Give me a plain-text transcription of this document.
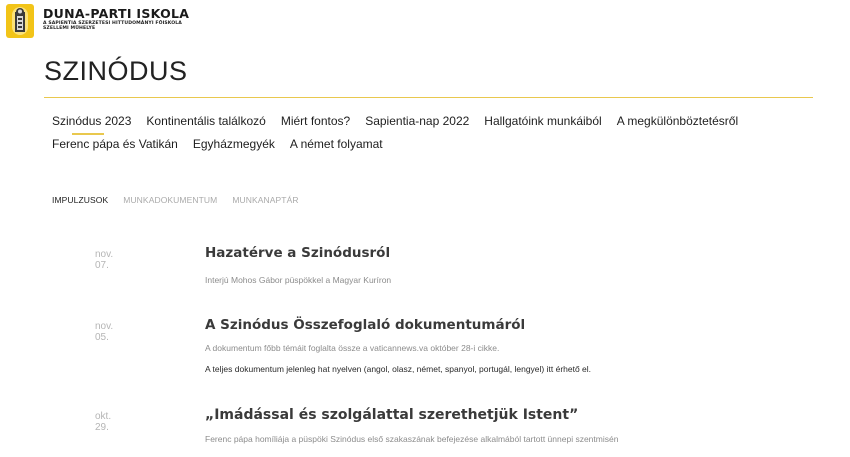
DUNA-PARTI ISKOLA
A SAPIENTIA SZERZETESI HITTUDOMÁNYI FŐISKOLA
SZELLEMI MŰHELYE
SZINÓDUS
Szinódus 2023 Kontinentális találkozó Miért fontos? Sapientia-nap 2022 Hallgatóink munkáiból A megkülönböztetésről
Ferenc pápa és Vatikán Egyházmegyék A német folyamat
IMPULZUSOK MUNKADOKUMENTUM MUNKANAPTÁR
nov.
07.
Hazatérve a Szinódusról
Interjú Mohos Gábor püspökkel a Magyar Kuríron
nov.
05.
A Szinódus Összefoglaló dokumentumáról
A dokumentum főbb témáit foglalta össze a vaticannews.va október 28-i cikke.
A teljes dokumentum jelenleg hat nyelven (angol, olasz, német, spanyol, portugál, lengyel) itt érhető el.
okt.
29.
„Imádással és szolgálattal szerethetjük Istent”
Ferenc pápa homíliája a püspöki Szinódus első szakaszának befejezése alkalmából tartott ünnepi szentmisén
